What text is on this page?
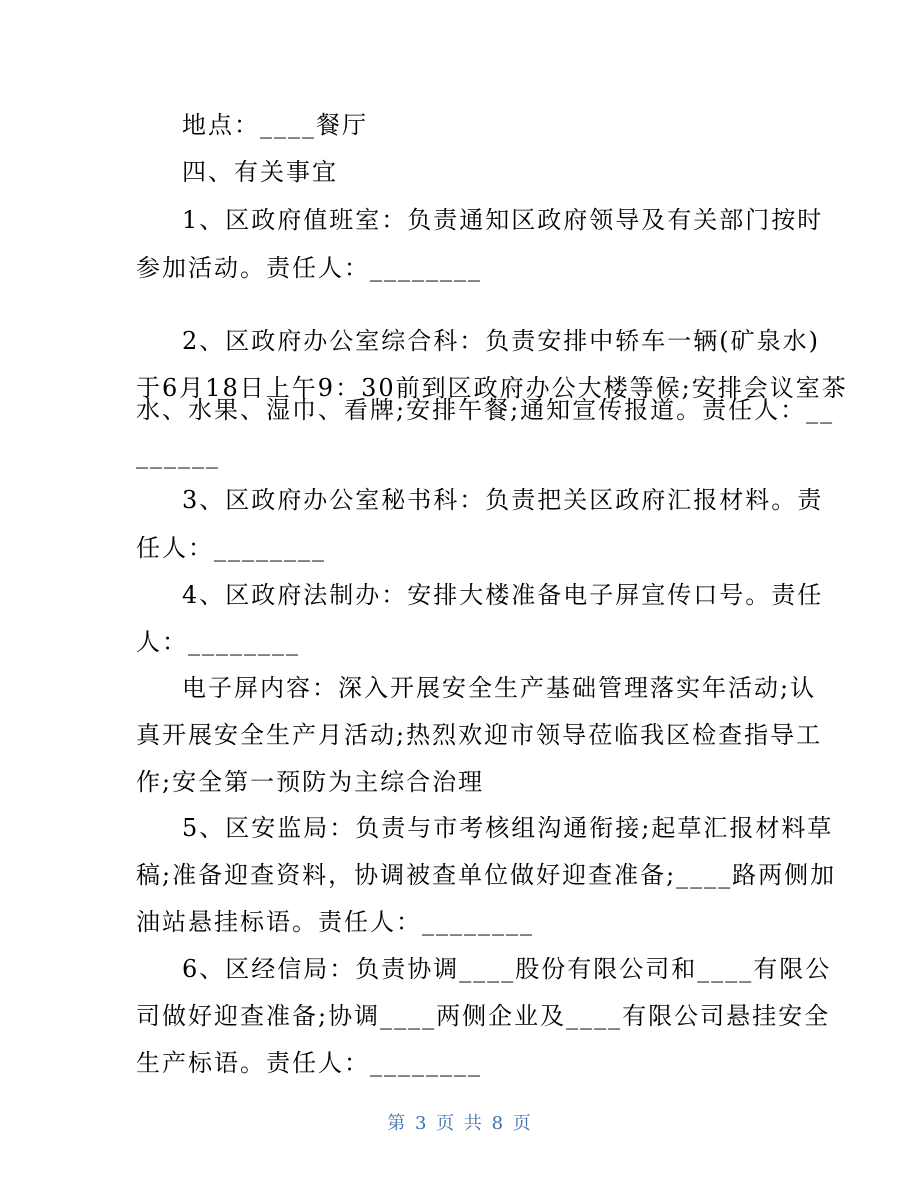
地点：____餐厅
四、有关事宜
1、区政府值班室：负责通知区政府领导及有关部门按时
参加活动。责任人：________
2、区政府办公室综合科：负责安排中轿车一辆(矿泉水)
于6月18日上午9：30前到区政府办公大楼等候;安排会议室茶
水、水果、湿巾、看牌;安排午餐;通知宣传报道。责任人：__
______
3、区政府办公室秘书科：负责把关区政府汇报材料。责
任人：________
4、区政府法制办：安排大楼准备电子屏宣传口号。责任
人：________
电子屏内容：深入开展安全生产基础管理落实年活动;认
真开展安全生产月活动;热烈欢迎市领导莅临我区检查指导工
作;安全第一预防为主综合治理
5、区安监局：负责与市考核组沟通衔接;起草汇报材料草
稿;准备迎查资料，协调被查单位做好迎查准备;____路两侧加
油站悬挂标语。责任人：________
6、区经信局：负责协调____股份有限公司和____有限公
司做好迎查准备;协调____两侧企业及____有限公司悬挂安全
生产标语。责任人：________
第 3 页 共 8 页
